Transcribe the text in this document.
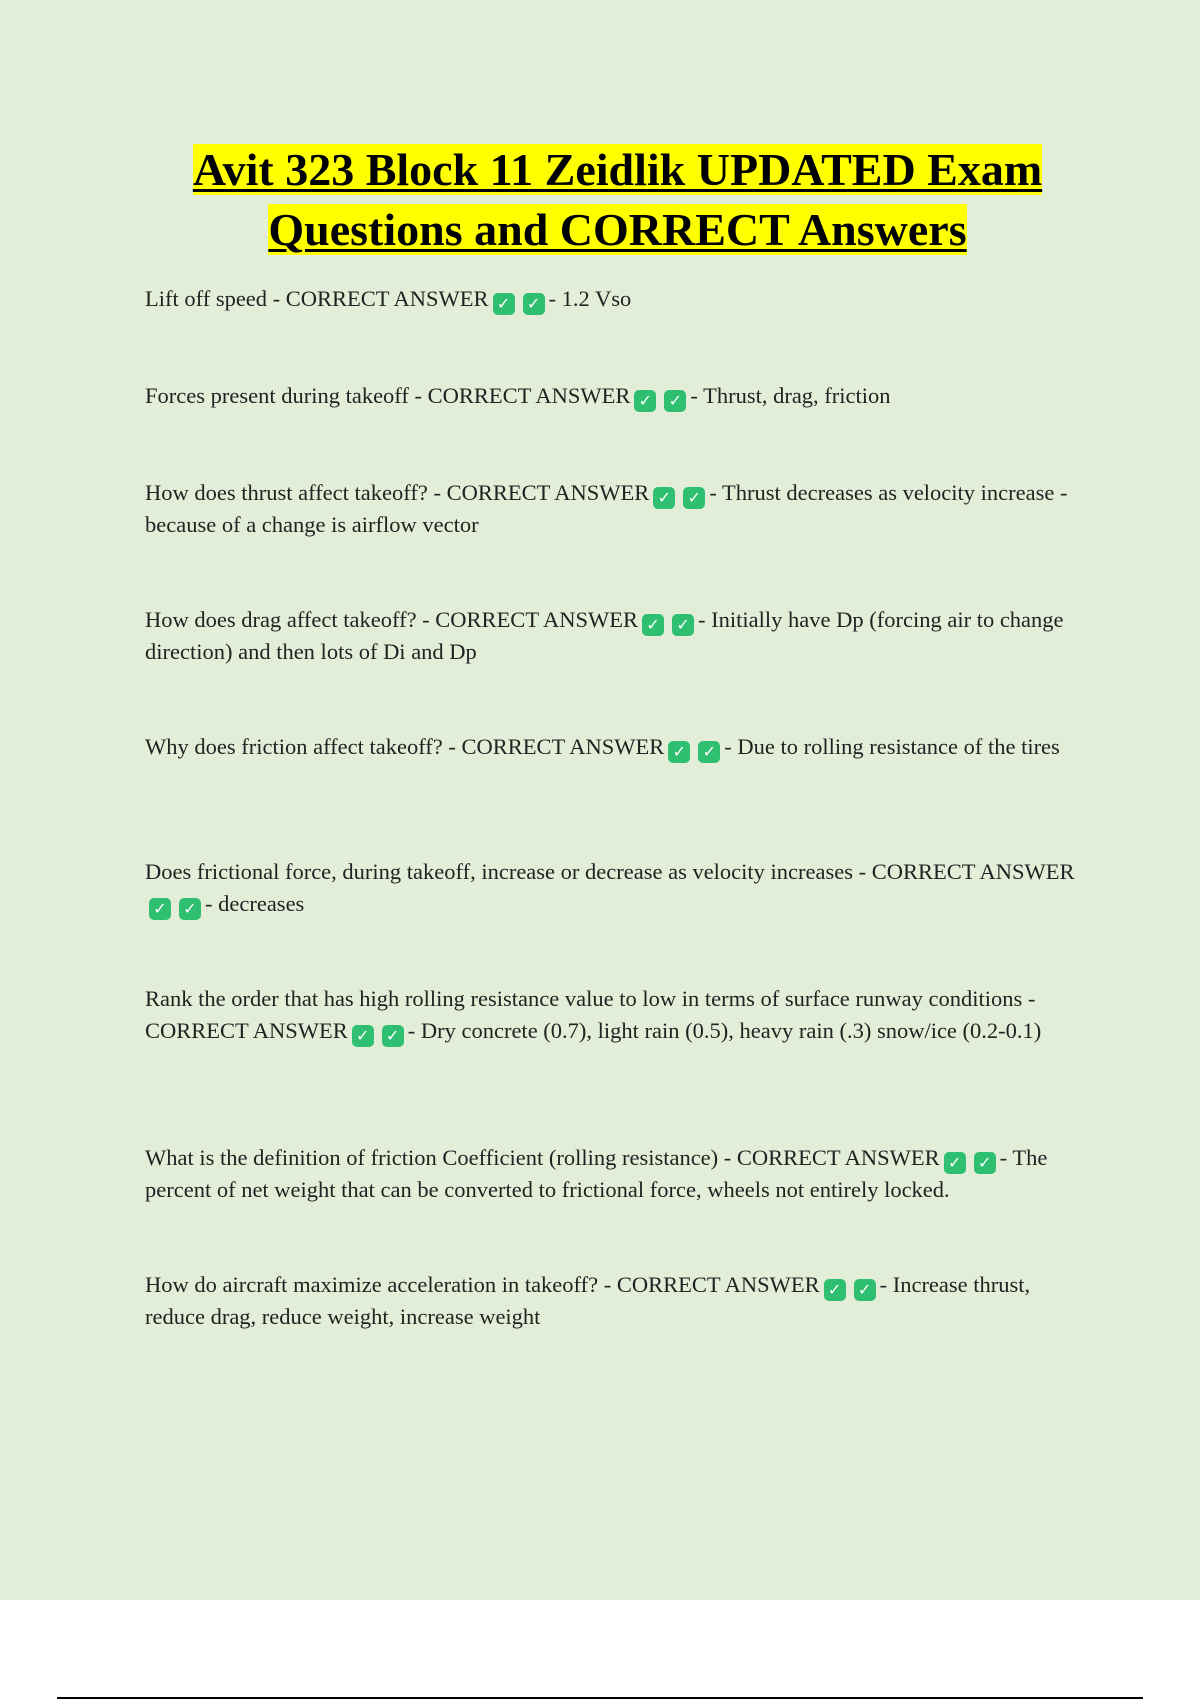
Avit 323 Block 11 Zeidlik UPDATED Exam
Questions and CORRECT Answers

Lift off speed - CORRECT ANSWER ✓ ✓ - 1.2 Vso

Forces present during takeoff - CORRECT ANSWER ✓ ✓ - Thrust, drag, friction

How does thrust affect takeoff? - CORRECT ANSWER ✓ ✓ - Thrust decreases as velocity increase - because of a change is airflow vector

How does drag affect takeoff? - CORRECT ANSWER ✓ ✓ - Initially have Dp (forcing air to change direction) and then lots of Di and Dp

Why does friction affect takeoff? - CORRECT ANSWER ✓ ✓ - Due to rolling resistance of the tires

Does frictional force, during takeoff, increase or decrease as velocity increases - CORRECT ANSWER✓ ✓ - decreases

Rank the order that has high rolling resistance value to low in terms of surface runway conditions - CORRECT ANSWER ✓ ✓ - Dry concrete (0.7), light rain (0.5), heavy rain (.3) snow/ice (0.2-0.1)

What is the definition of friction Coefficient (rolling resistance) - CORRECT ANSWER ✓ ✓ - The percent of net weight that can be converted to frictional force, wheels not entirely locked.

How do aircraft maximize acceleration in takeoff? - CORRECT ANSWER ✓ ✓ - Increase thrust, reduce drag, reduce weight, increase weight
